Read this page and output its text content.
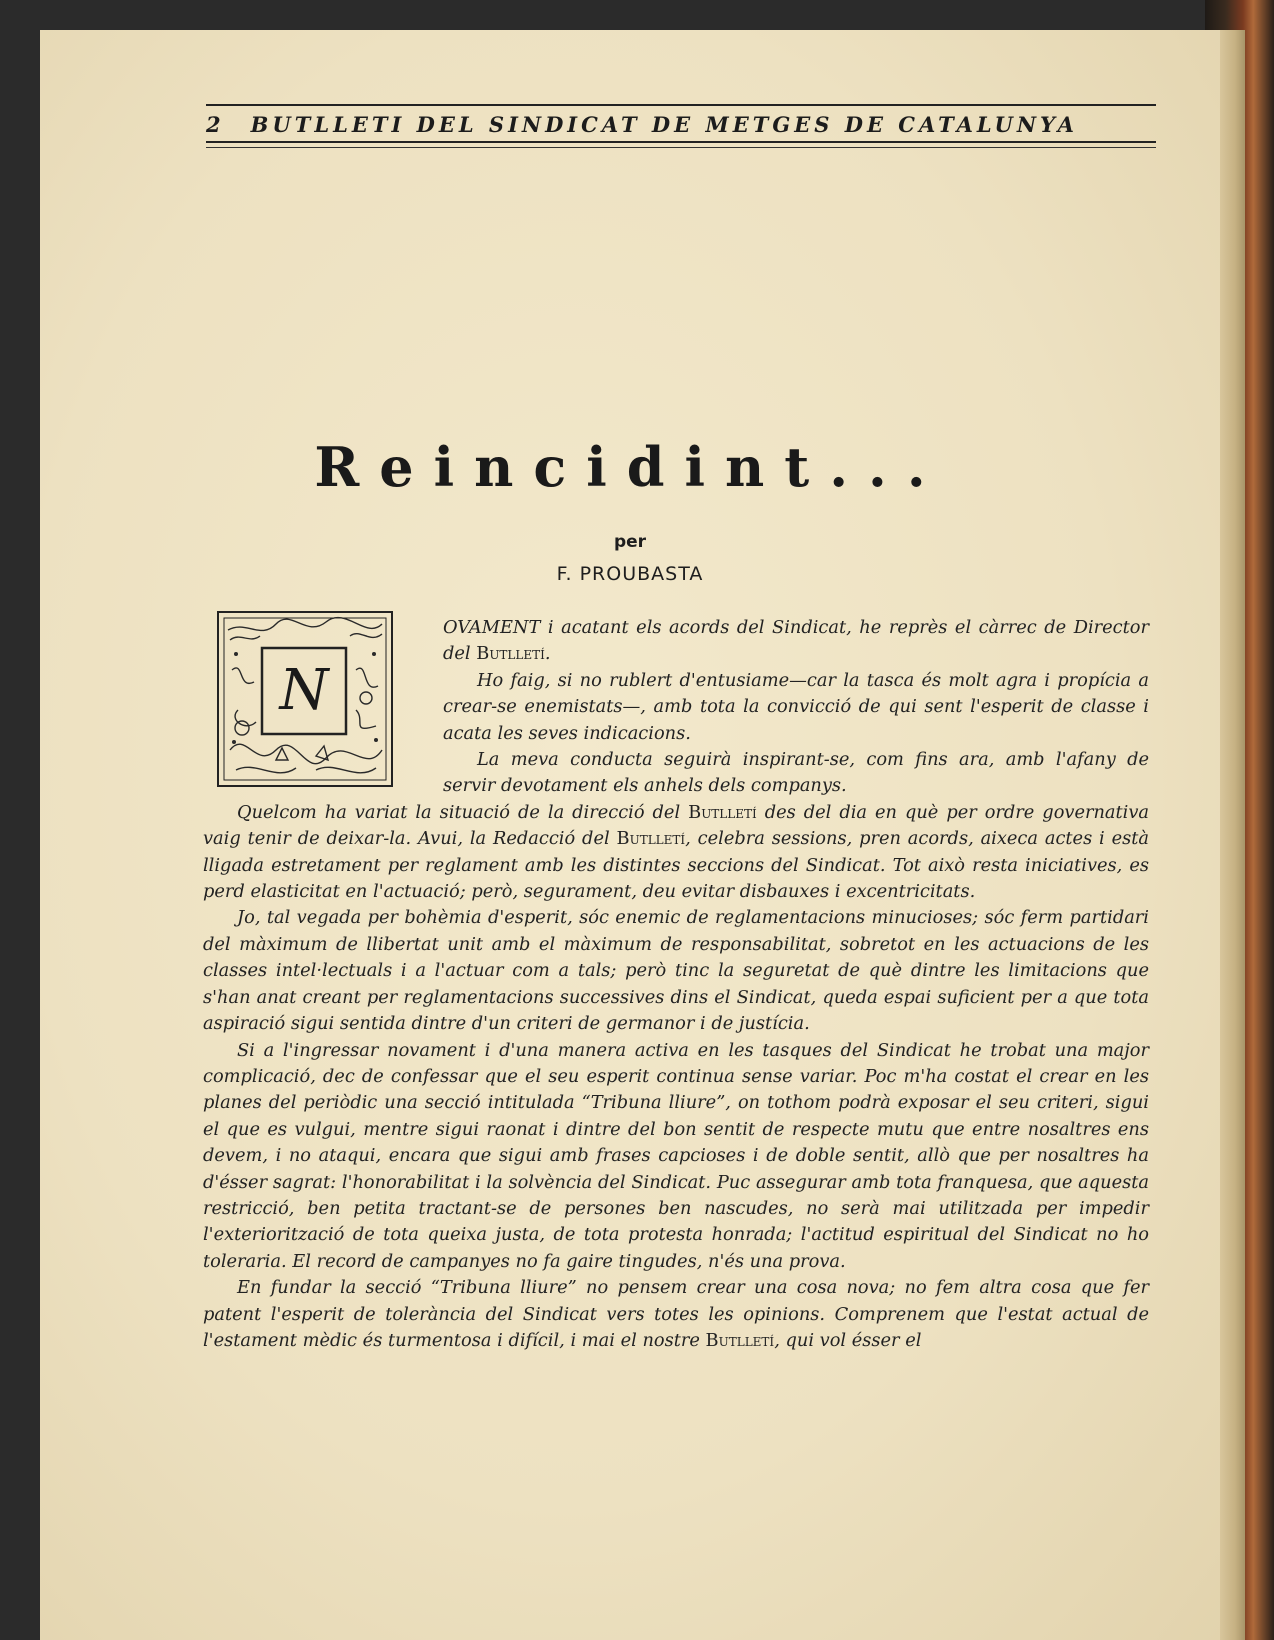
2 BUTLLETI DEL SINDICAT DE METGES DE CATALUNYA
Reincidint...
per
F. PROUBASTA
N

OVAMENT i acatant els acords del Sindicat, he reprès el càrrec de Director del Butlletí.

Ho faig, si no rublert d'entusiame—car la tasca és molt agra i propícia a crear-se enemistats—, amb tota la convicció de qui sent l'esperit de classe i acata les seves indicacions.

La meva conducta seguirà inspirant-se, com fins ara, amb l'afany de servir devotament els anhels dels companys.

Quelcom ha variat la situació de la direcció del Butlletí des del dia en què per ordre governativa vaig tenir de deixar-la. Avui, la Redacció del Butlletí, celebra sessions, pren acords, aixeca actes i està lligada estretament per reglament amb les distintes seccions del Sindicat. Tot això resta iniciatives, es perd elasticitat en l'actuació; però, segurament, deu evitar disbauxes i excentricitats.

Jo, tal vegada per bohèmia d'esperit, sóc enemic de reglamentacions minucioses; sóc ferm partidari del màximum de llibertat unit amb el màximum de responsabilitat, sobretot en les actuacions de les classes intel·lectuals i a l'actuar com a tals; però tinc la seguretat de què dintre les limitacions que s'han anat creant per reglamentacions successives dins el Sindicat, queda espai suficient per a que tota aspiració sigui sentida dintre d'un criteri de germanor i de justícia.

Si a l'ingressar novament i d'una manera activa en les tasques del Sindicat he trobat una major complicació, dec de confessar que el seu esperit continua sense variar. Poc m'ha costat el crear en les planes del periòdic una secció intitulada “Tribuna lliure”, on tothom podrà exposar el seu criteri, sigui el que es vulgui, mentre sigui raonat i dintre del bon sentit de respecte mutu que entre nosaltres ens devem, i no ataqui, encara que sigui amb frases capcioses i de doble sentit, allò que per nosaltres ha d'ésser sagrat: l'honorabilitat i la solvència del Sindicat. Puc assegurar amb tota franquesa, que aquesta restricció, ben petita tractant-se de persones ben nascudes, no serà mai utilitzada per impedir l'exteriorització de tota queixa justa, de tota protesta honrada; l'actitud espiritual del Sindicat no ho toleraria. El record de campanyes no fa gaire tingudes, n'és una prova.

En fundar la secció “Tribuna lliure” no pensem crear una cosa nova; no fem altra cosa que fer patent l'esperit de tolerància del Sindicat vers totes les opinions. Comprenem que l'estat actual de l'estament mèdic és turmentosa i difícil, i mai el nostre Butlletí, qui vol ésser el
